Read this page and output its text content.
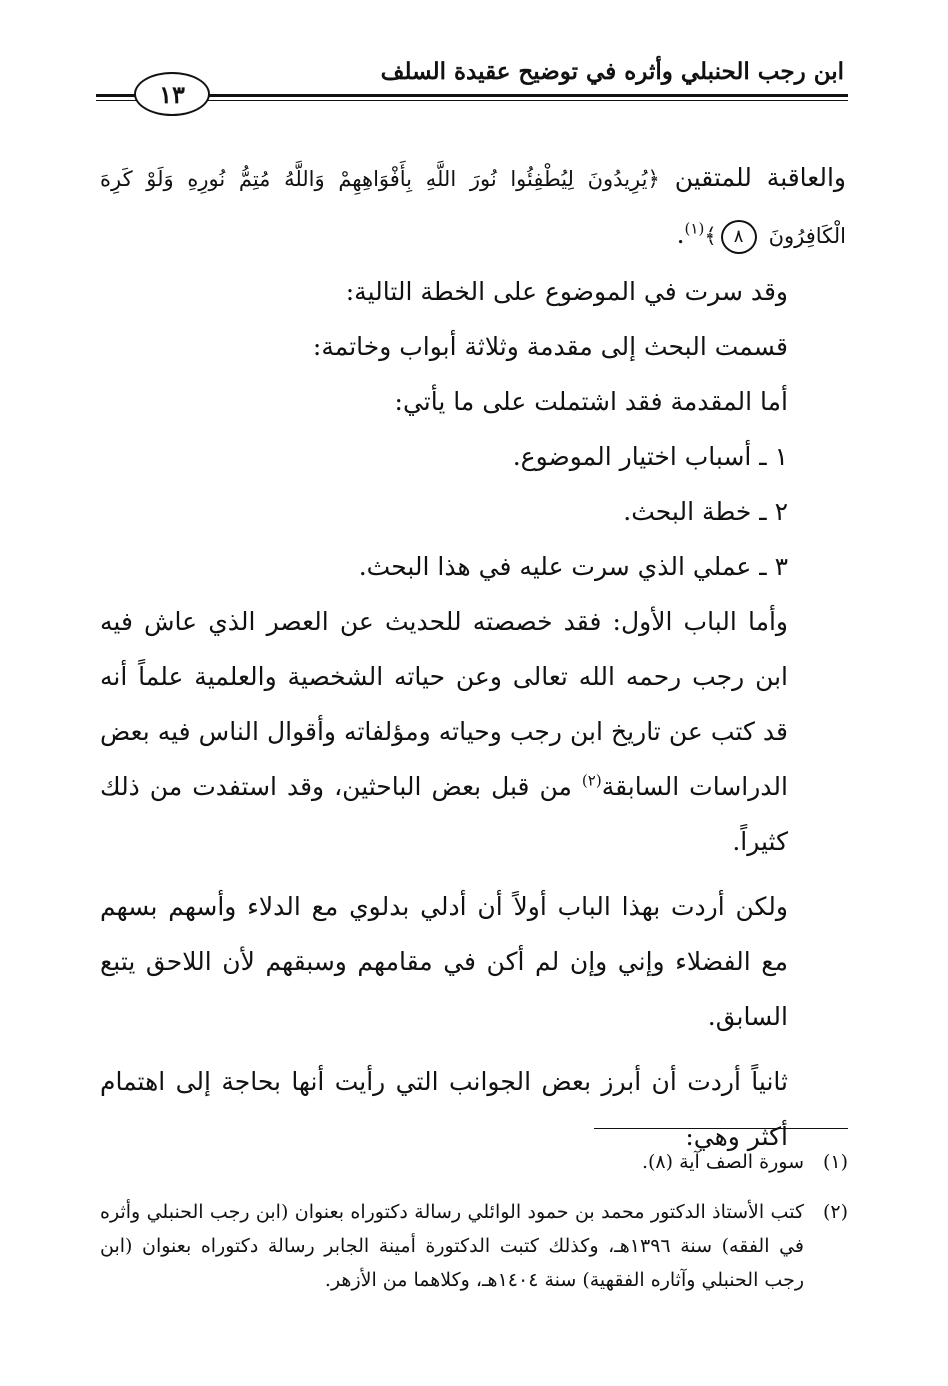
ابن رجب الحنبلي وأثره في توضيح عقيدة السلف
١٣

والعاقبة للمتقين ﴿يُرِيدُونَ لِيُطْفِئُوا نُورَ اللَّهِ بِأَفْوَاهِهِمْ وَاللَّهُ مُتِمُّ نُورِهِ وَلَوْ كَرِهَ الْكَافِرُونَ ٨﴾$^{(١)}$.

وقد سرت في الموضوع على الخطة التالية:

قسمت البحث إلى مقدمة وثلاثة أبواب وخاتمة:

أما المقدمة فقد اشتملت على ما يأتي:

١ ـ أسباب اختيار الموضوع.

٢ ـ خطة البحث.

٣ ـ عملي الذي سرت عليه في هذا البحث.

وأما الباب الأول: فقد خصصته للحديث عن العصر الذي عاش فيه ابن رجب رحمه الله تعالى وعن حياته الشخصية والعلمية علماً أنه قد كتب عن تاريخ ابن رجب وحياته ومؤلفاته وأقوال الناس فيه بعض الدراسات السابقة$^{(٢)}$ من قبل بعض الباحثين، وقد استفدت من ذلك كثيراً.

ولكن أردت بهذا الباب أولاً أن أدلي بدلوي مع الدلاء وأسهم بسهم مع الفضلاء وإني وإن لم أكن في مقامهم وسبقهم لأن اللاحق يتبع السابق.

ثانياً أردت أن أبرز بعض الجوانب التي رأيت أنها بحاجة إلى اهتمام أكثر وهي:

(١)
سورة الصف آية (٨).
(٢)
كتب الأستاذ الدكتور محمد بن حمود الوائلي رسالة دكتوراه بعنوان (ابن رجب الحنبلي وأثره في الفقه) سنة ١٣٩٦هـ، وكذلك كتبت الدكتورة أمينة الجابر رسالة دكتوراه بعنوان (ابن رجب الحنبلي وآثاره الفقهية) سنة ١٤٠٤هـ، وكلاهما من الأزهر.
